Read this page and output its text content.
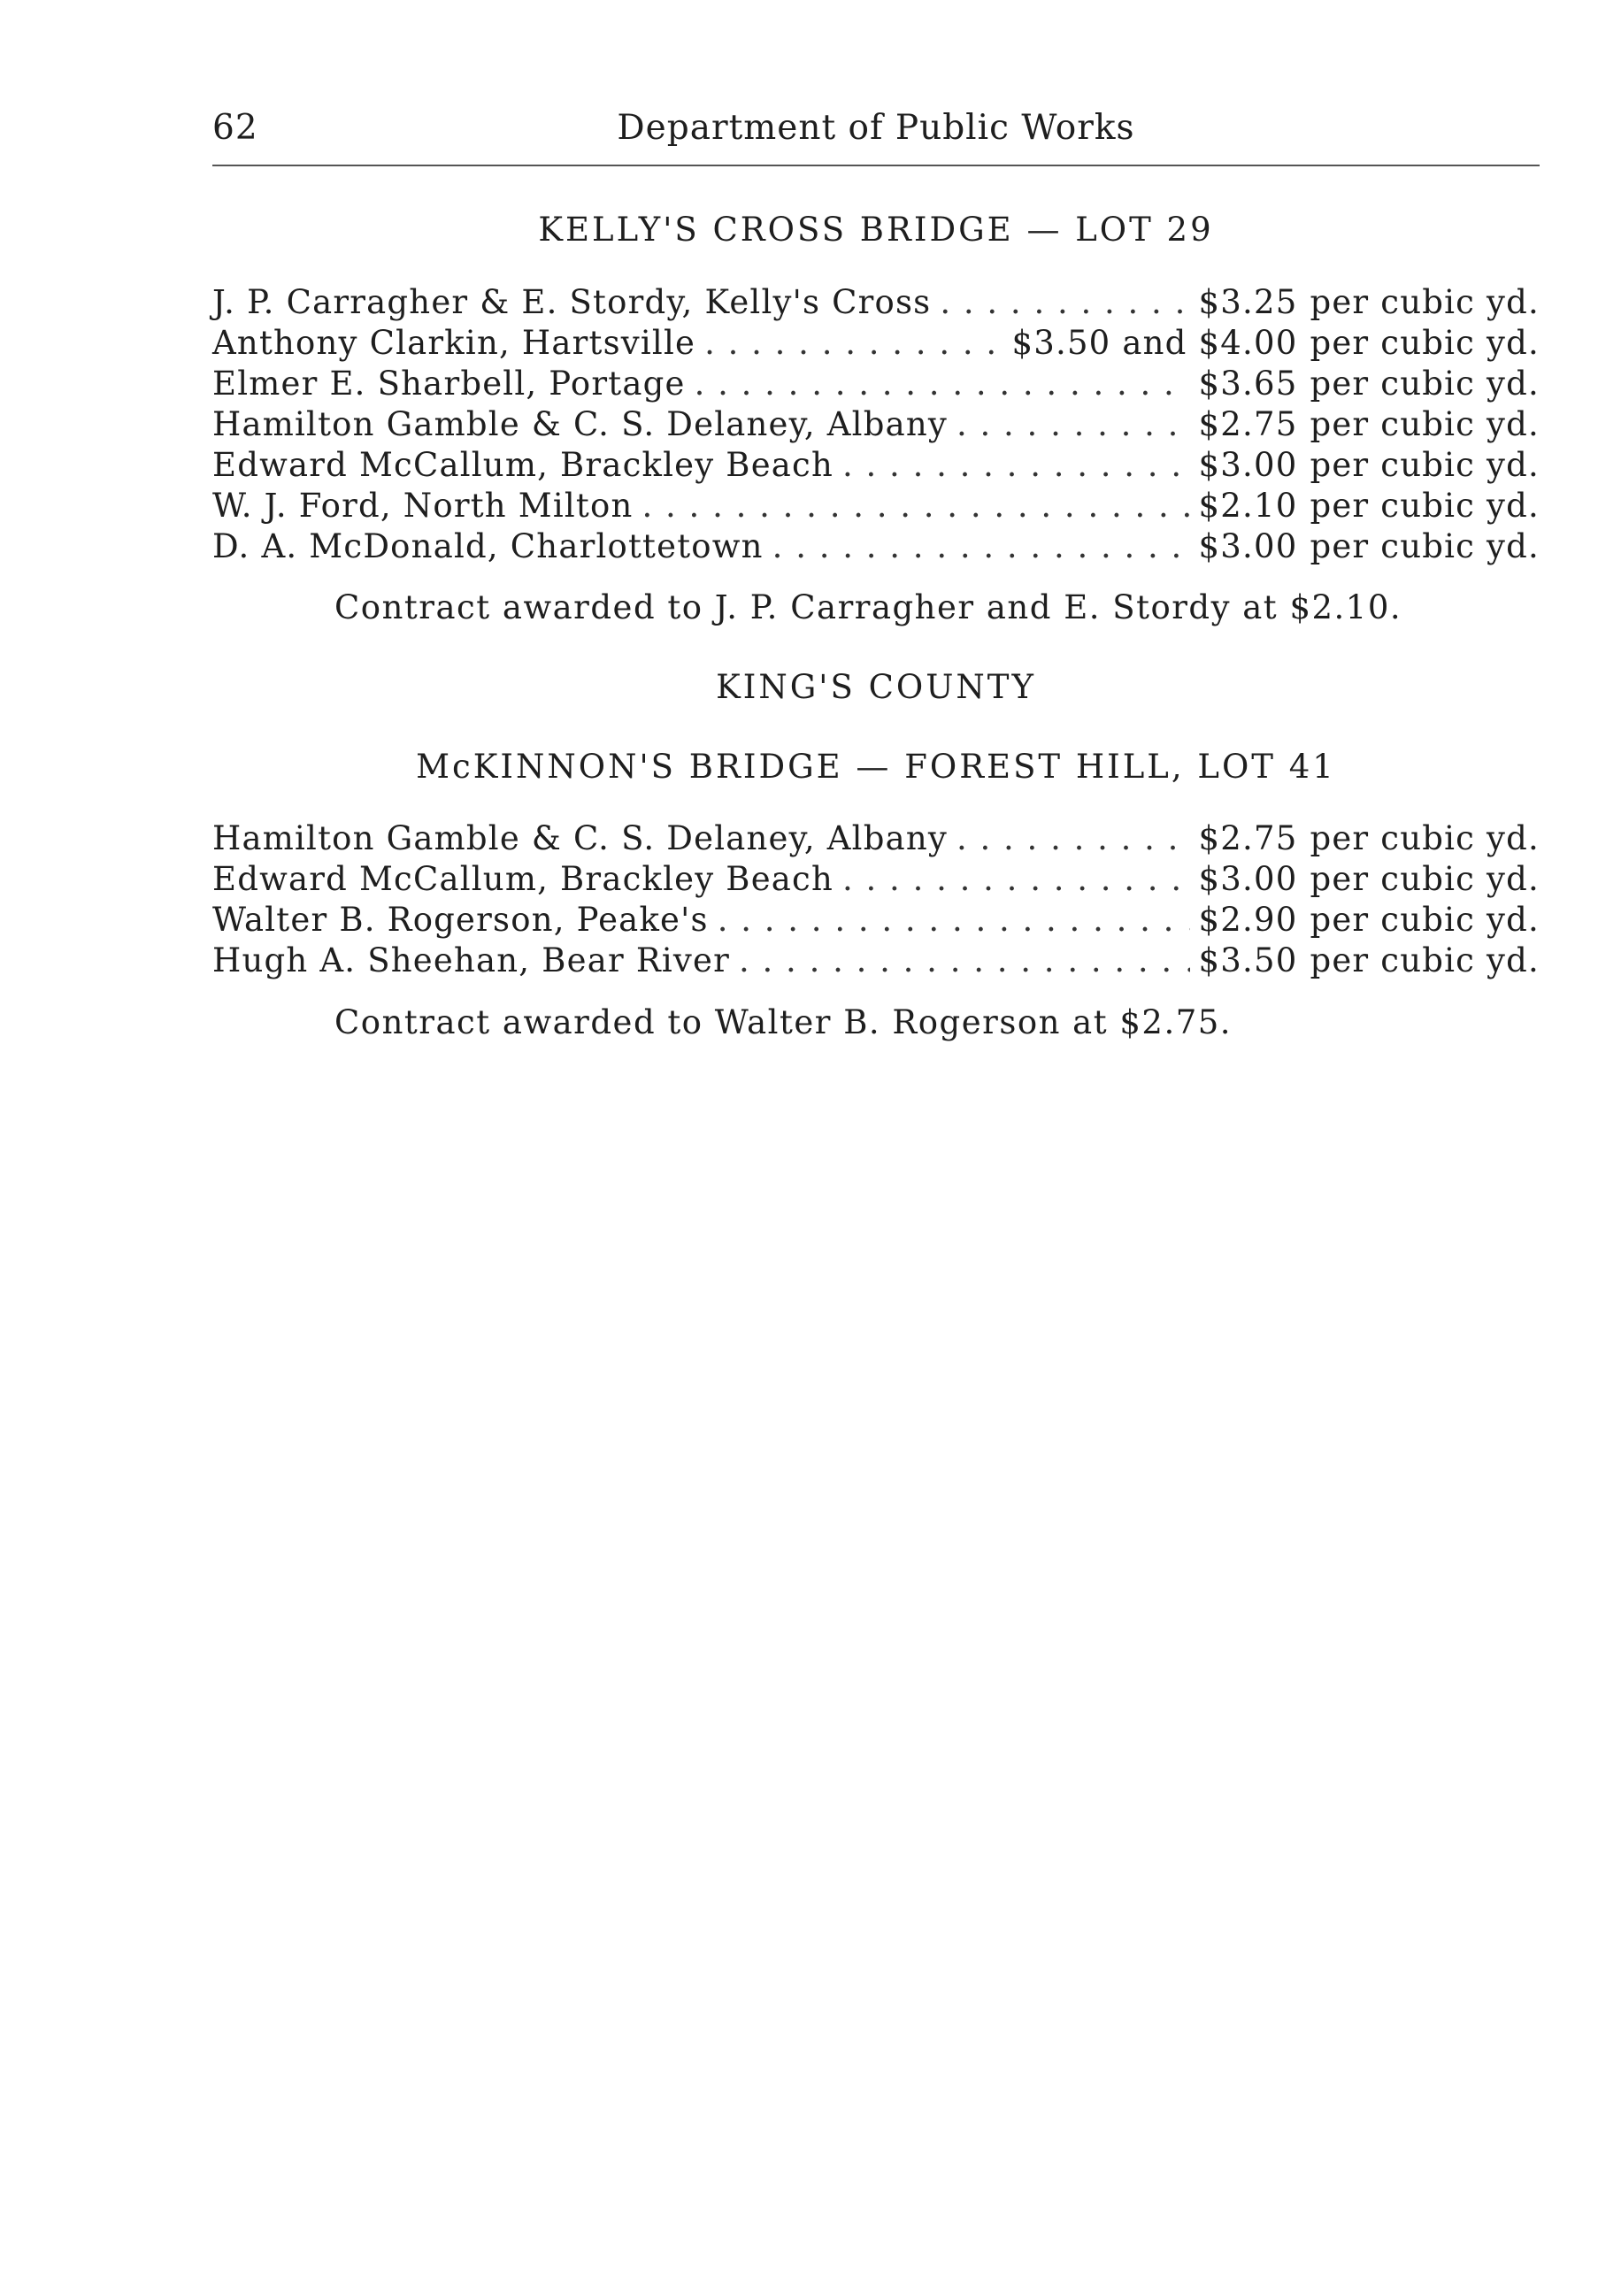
62	Department of Public Works
KELLY'S CROSS BRIDGE — LOT 29
J. P. Carragher & E. Stordy, Kelly's Cross . . .	$3.25 per cubic yd.
Anthony Clarkin, Hartsville . . .	$3.50 and $4.00 per cubic yd.
Elmer E. Sharbell, Portage . . .	$3.65 per cubic yd.
Hamilton Gamble & C. S. Delaney, Albany . . .	$2.75 per cubic yd.
Edward McCallum, Brackley Beach . . .	$3.00 per cubic yd.
W. J. Ford, North Milton . . .	$2.10 per cubic yd.
D. A. McDonald, Charlottetown . . .	$3.00 per cubic yd.
Contract awarded to J. P. Carragher and E. Stordy at $2.10.
KING'S COUNTY
McKINNON'S BRIDGE — FOREST HILL, LOT 41
Hamilton Gamble & C. S. Delaney, Albany . . .	$2.75 per cubic yd.
Edward McCallum, Brackley Beach . . .	$3.00 per cubic yd.
Walter B. Rogerson, Peake's . . .	$2.90 per cubic yd.
Hugh A. Sheehan, Bear River . . .	$3.50 per cubic yd.
Contract awarded to Walter B. Rogerson at $2.75.
